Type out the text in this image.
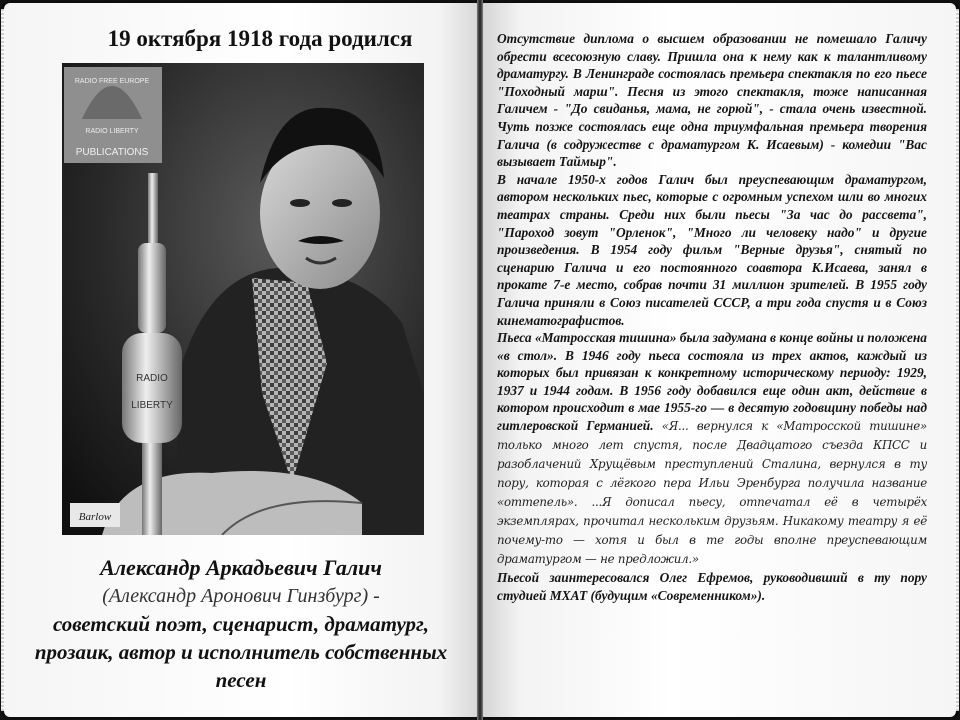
19 октября 1918 года родился
RADIO FREE EUROPE
RADIO LIBERTY
PUBLICATIONS
RADIO
LIBERTY
Barlow
Александр Аркадьевич Галич
(Александр Аронович Гинзбург) -
советский поэт, сценарист, драматург, прозаик, автор и исполнитель собственных песен

Отсутствие диплома о высшем образовании не помешало Галичу обрести всесоюзную славу. Пришла она к нему как к талантливому драматургу. В Ленинграде состоялась премьера спектакля по его пьесе "Походный марш". Песня из этого спектакля, тоже написанная Галичем - "До свиданья, мама, не горюй", - стала очень известной. Чуть позже состоялась еще одна триумфальная премьера творения Галича (в содружестве с драматургом К. Исаевым) - комедии "Вас вызывает Таймыр".

В начале 1950-х годов Галич был преуспевающим драматургом, автором нескольких пьес, которые с огромным успехом шли во многих театрах страны. Среди них были пьесы "За час до рассвета", "Пароход зовут "Орленок", "Много ли человеку надо" и другие произведения. В 1954 году фильм "Верные друзья", снятый по сценарию Галича и его постоянного соавтора К.Исаева, занял в прокате 7-е место, собрав почти 31 миллион зрителей. В 1955 году Галича приняли в Союз писателей СССР, а три года спустя и в Союз кинематографистов.

Пьеса «Матросская тишина» была задумана в конце войны и положена «в стол». В 1946 году пьеса состояла из трех актов, каждый из которых был привязан к конкретному историческому периоду: 1929, 1937 и 1944 годам. В 1956 году добавился еще один акт, действие в котором происходит в мае 1955-го — в десятую годовщину победы над гитлеровской Германией. «Я... вернулся к «Матросской тишине» только много лет спустя, после Двадцатого съезда КПСС и разоблачений Хрущёвым преступлений Сталина, вернулся в ту пору, которая с лёгкого пера Ильи Эренбурга получила название «оттепель». ...Я дописал пьесу, отпечатал её в четырёх экземплярах, прочитал нескольким друзьям. Никакому театру я её почему-то — хотя и был в те годы вполне преуспевающим драматургом — не предложил.»

Пьесой заинтересовался Олег Ефремов, руководивший в ту пору студией МХАТ (будущим «Современником»).
